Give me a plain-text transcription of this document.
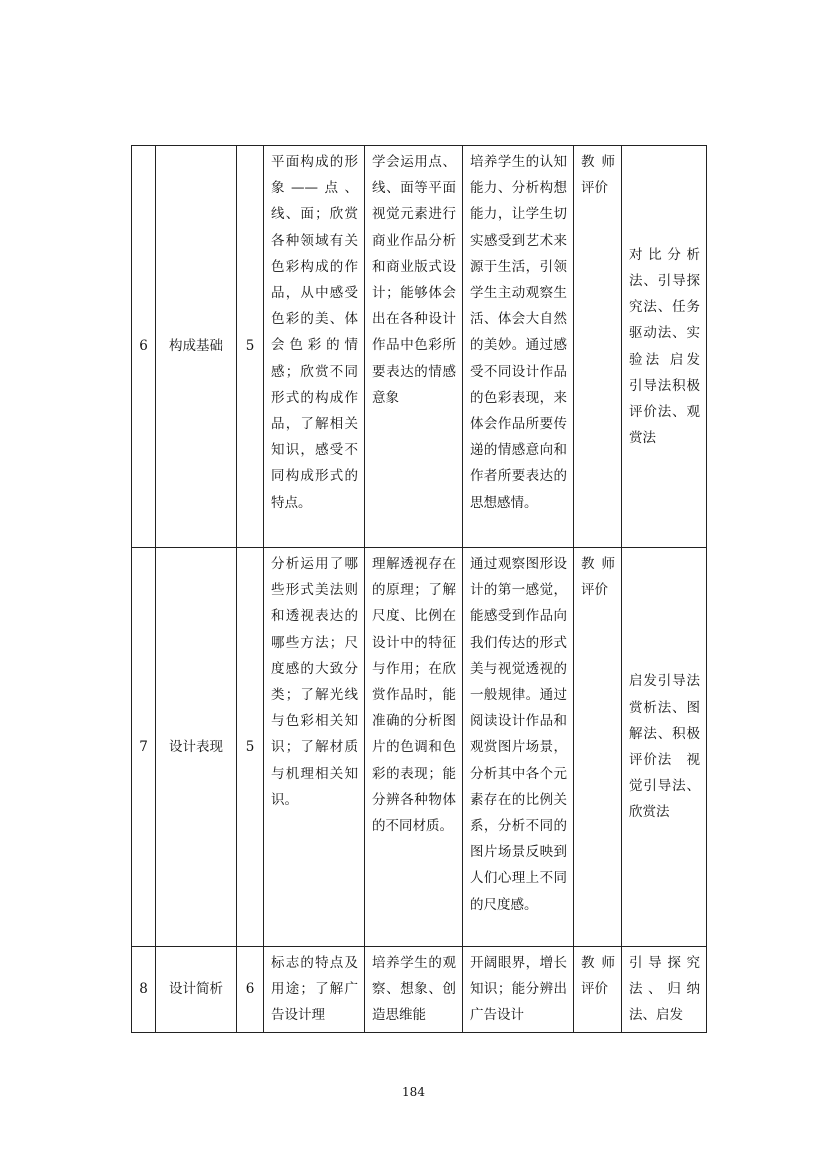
6	构成基础	5	平面构成的形象——点、线、面；欣赏各种领域有关色彩构成的作品，从中感受色彩的美、体会色彩的情感；欣赏不同形式的构成作品，了解相关知识，感受不同构成形式的特点。	学会运用点、线、面等平面视觉元素进行商业作品分析和商业版式设计；能够体会出在各种设计作品中色彩所要表达的情感意象	培养学生的认知能力、分析构想能力，让学生切实感受到艺术来源于生活，引领学生主动观察生活、体会大自然的美妙。通过感受不同设计作品的色彩表现，来体会作品所要传递的情感意向和作者所要表达的思想感情。	教师评价	对比分析法、引导探究法、任务驱动法、实验法 启发引导法积极评价法、观赏法
7	设计表现	5	分析运用了哪些形式美法则和透视表达的哪些方法；尺度感的大致分类；了解光线与色彩相关知识；了解材质与机理相关知识。	理解透视存在的原理；了解尺度、比例在设计中的特征与作用；在欣赏作品时，能准确的分析图片的色调和色彩的表现；能分辨各种物体的不同材质。	通过观察图形设计的第一感觉，能感受到作品向我们传达的形式美与视觉透视的一般规律。通过阅读设计作品和观赏图片场景，分析其中各个元素存在的比例关系，分析不同的图片场景反映到人们心理上不同的尺度感。	教师评价	启发引导法　赏析法、图解法、积极评价法　视觉引导法、欣赏法
8	设计简析	6	标志的特点及用途；了解广告设计理	培养学生的观察、想象、创造思维能	开阔眼界，增长知识；能分辨出广告设计	教师评价	引导探究法、归纳法、启发
184
